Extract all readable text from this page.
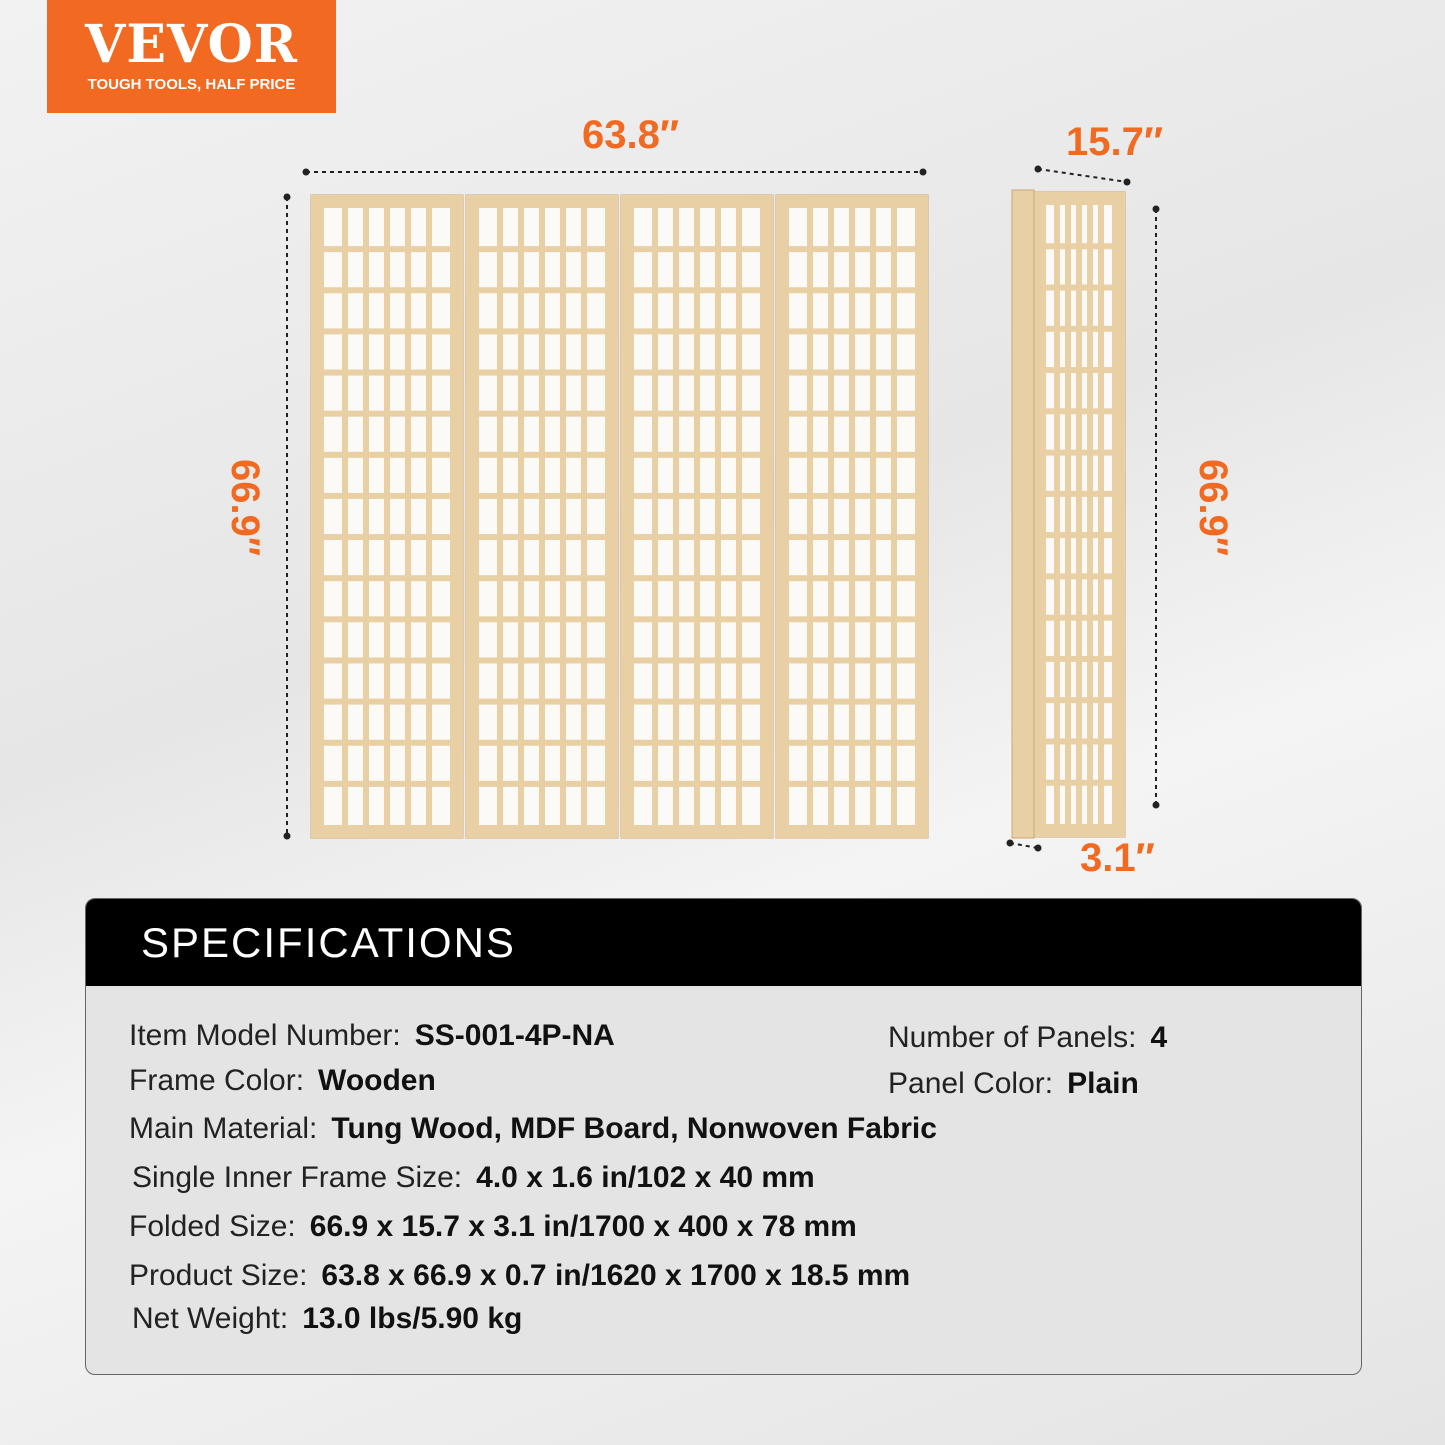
VEVOR
TOUGH TOOLS, HALF PRICE
63.8″
66.9″
15.7″
66.9″
3.1″
SPECIFICATIONS
Item Model Number: SS-001-4P-NA	Number of Panels: 4
Frame Color: Wooden	Panel Color: Plain
Main Material: Tung Wood, MDF Board, Nonwoven Fabric
Single Inner Frame Size: 4.0 x 1.6 in/102 x 40 mm
Folded Size: 66.9 x 15.7 x 3.1 in/1700 x 400 x 78 mm
Product Size: 63.8 x 66.9 x 0.7 in/1620 x 1700 x 18.5 mm
Net Weight: 13.0 lbs/5.90 kg
